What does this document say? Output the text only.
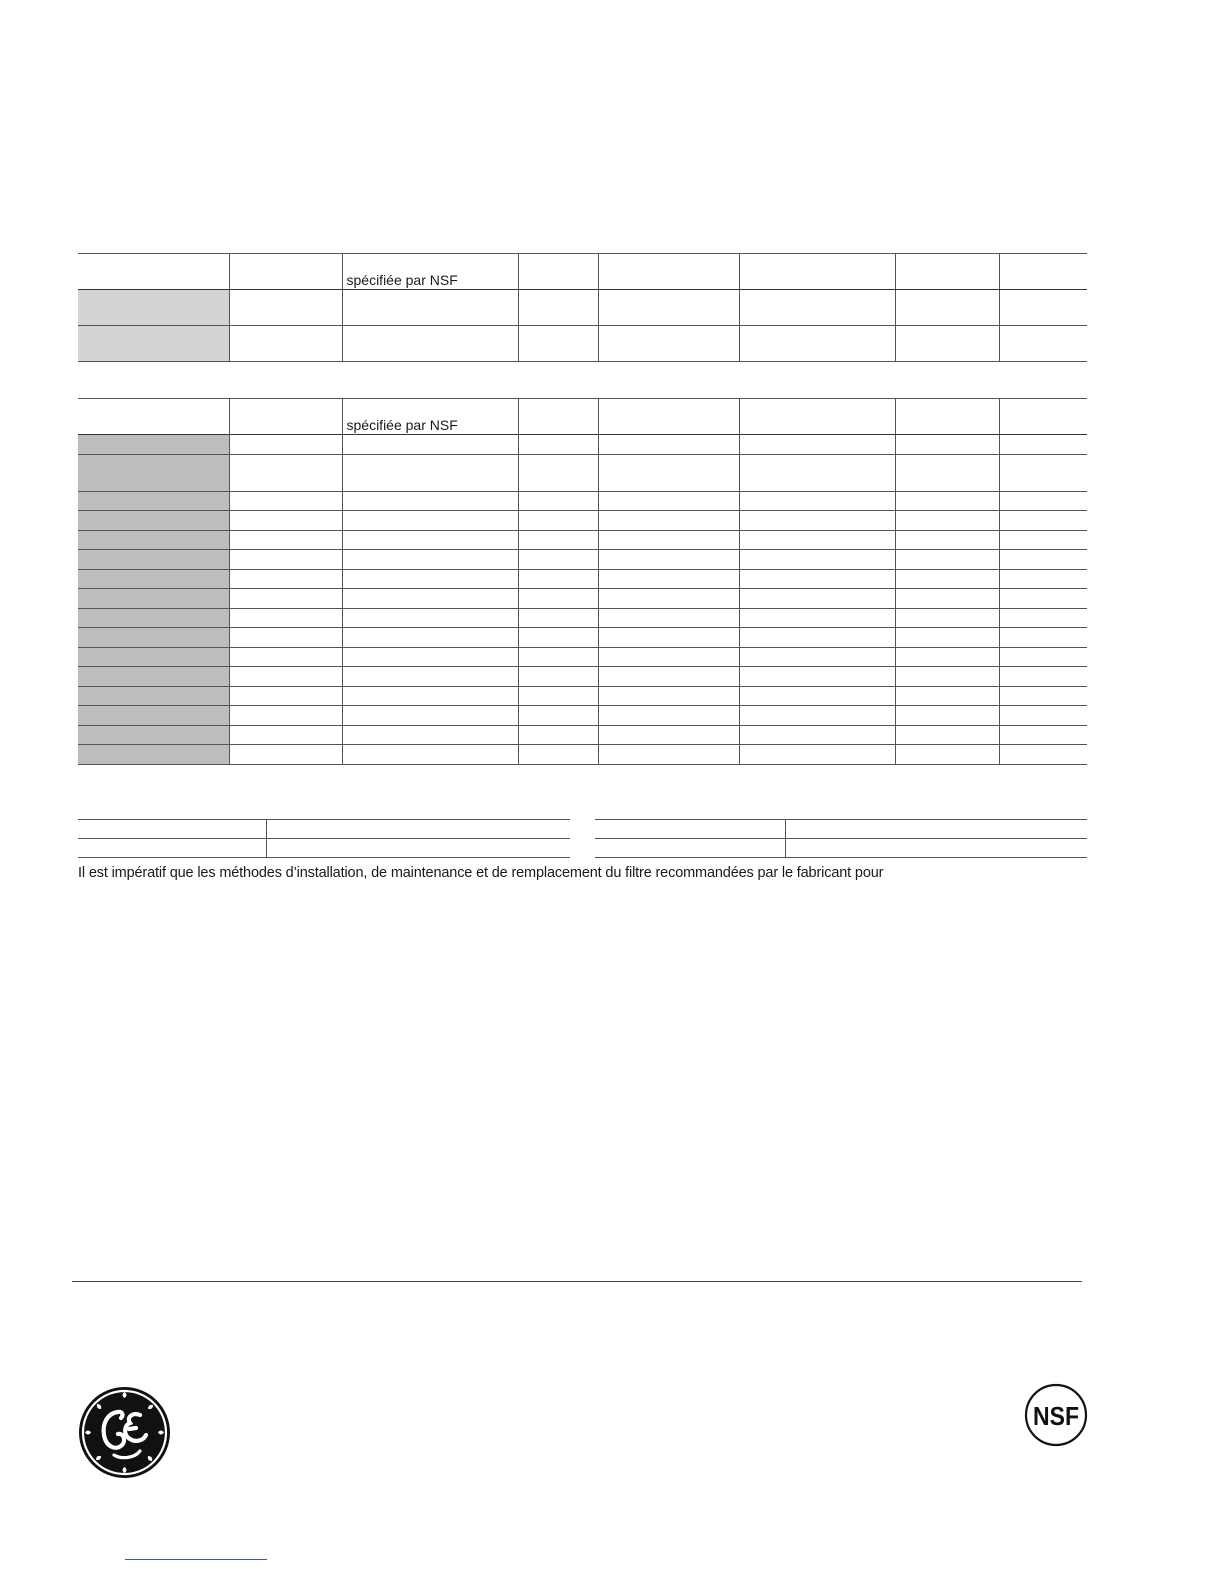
		spécifiée par NSF					

		spécifiée par NSF					

Il est impératif que les méthodes d’installation, de maintenance et de remplacement du filtre recommandées par le fabricant pour
NSF
